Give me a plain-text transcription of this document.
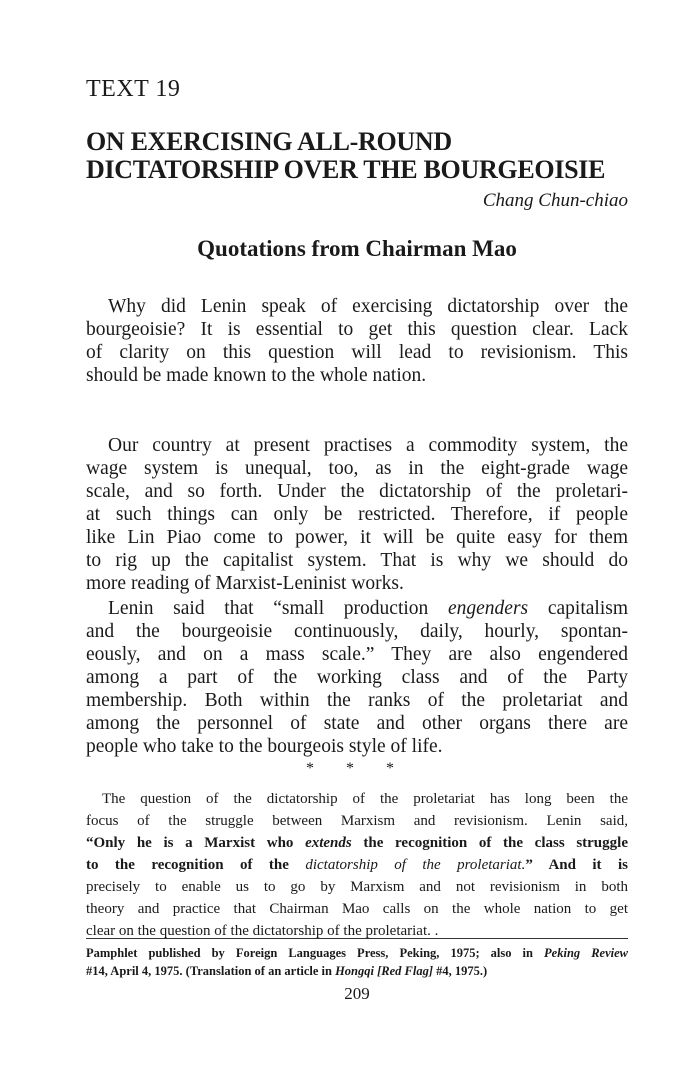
TEXT 19
ON EXERCISING ALL-ROUND
DICTATORSHIP OVER THE BOURGEOISIE
Chang Chun-chiao
Quotations from Chairman Mao
Why did Lenin speak of exercising dictatorship over the
bourgeoisie? It is essential to get this question clear. Lack
of clarity on this question will lead to revisionism. This
should be made known to the whole nation.
Our country at present practises a commodity system, the
wage system is unequal, too, as in the eight-grade wage
scale, and so forth. Under the dictatorship of the proletari-
at such things can only be restricted. Therefore, if people
like Lin Piao come to power, it will be quite easy for them
to rig up the capitalist system. That is why we should do
more reading of Marxist-Leninist works.
Lenin said that “small production engenders capitalism
and the bourgeoisie continuously, daily, hourly, spontan-
eously, and on a mass scale.” They are also engendered
among a part of the working class and of the Party
membership. Both within the ranks of the proletariat and
among the personnel of state and other organs there are
people who take to the bourgeois style of life.
* * *
The question of the dictatorship of the proletariat has long been the
focus of the struggle between Marxism and revisionism. Lenin said,
“Only he is a Marxist who extends the recognition of the class struggle
to the recognition of the dictatorship of the proletariat.” And it is
precisely to enable us to go by Marxism and not revisionism in both
theory and practice that Chairman Mao calls on the whole nation to get
clear on the question of the dictatorship of the proletariat. .
Pamphlet published by Foreign Languages Press, Peking, 1975; also in Peking Review
#14, April 4, 1975. (Translation of an article in Hongqi [Red Flag] #4, 1975.)
209
